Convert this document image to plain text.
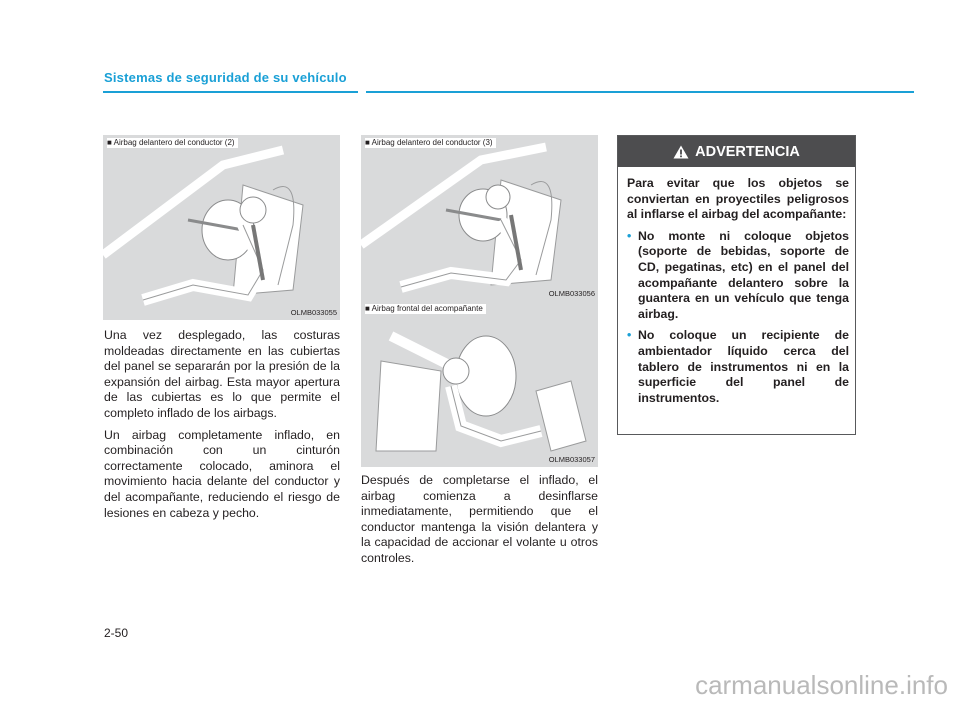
Sistemas de seguridad de su vehículo
■ Airbag delantero del conductor (2)
OLMB033055
■ Airbag delantero del conductor (3)
OLMB033056
■ Airbag frontal del acompañante
OLMB033057

Una vez desplegado, las costuras moldeadas directamente en las cubiertas del panel se separarán por la presión de la expansión del airbag. Esta mayor apertura de las cubiertas es lo que permite el completo inflado de los airbags.

Un airbag completamente inflado, en combinación con un cinturón correctamente colocado, aminora el movimiento hacia delante del conductor y del acompañante, reduciendo el riesgo de lesiones en cabeza y pecho.

Después de completarse el inflado, el airbag comienza a desinflarse inmediatamente, permitiendo que el conductor mantenga la visión delantera y la capacidad de accionar el volante u otros controles.

ADVERTENCIA

Para evitar que los objetos se conviertan en proyectiles peligrosos al inflarse el airbag del acompañante:

• No monte ni coloque objetos (soporte de bebidas, soporte de CD, pegatinas, etc) en el panel del acompañante delantero sobre la guantera en un vehículo que tenga airbag.
• No coloque un recipiente de ambientador líquido cerca del tablero de instrumentos ni en la superficie del panel de instrumentos.
2-50
carmanualsonline.info
